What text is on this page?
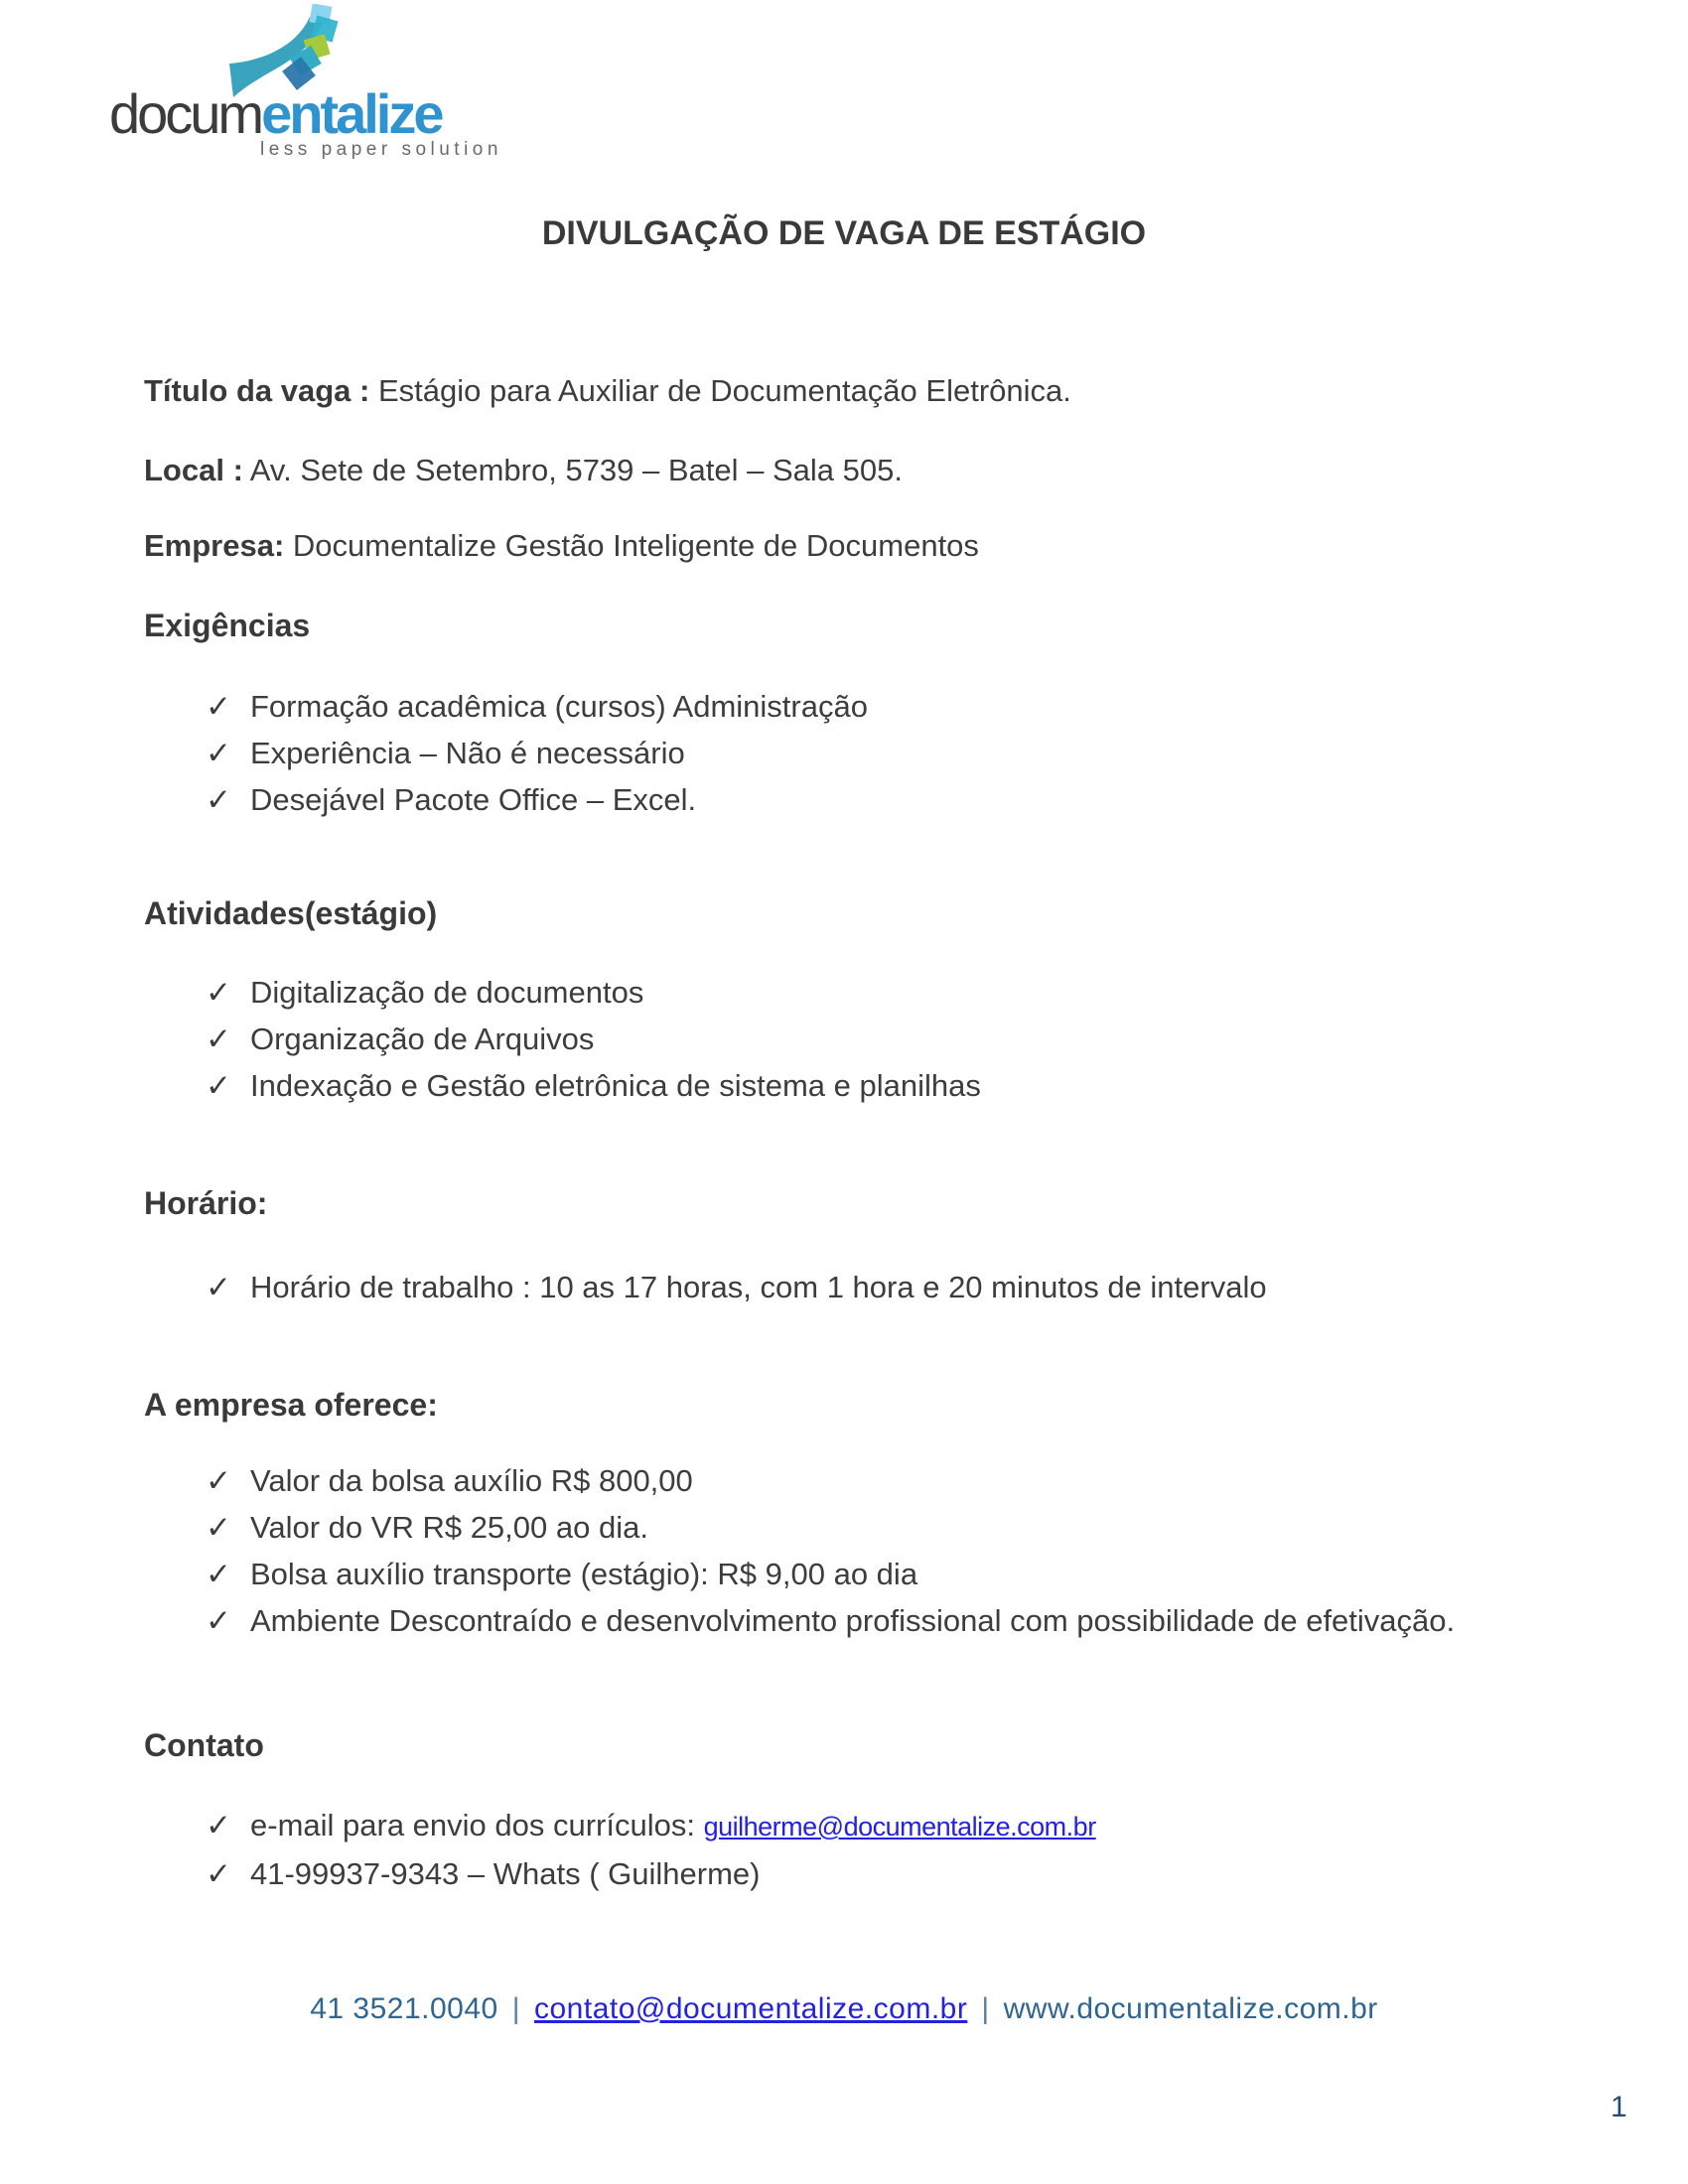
documentalize
less paper solution
DIVULGAÇÃO DE VAGA DE ESTÁGIO

Título da vaga : Estágio para Auxiliar de Documentação Eletrônica.

Local : Av. Sete de Setembro, 5739 – Batel – Sala 505.

Empresa: Documentalize Gestão Inteligente de Documentos

Exigências
✓ Formação acadêmica (cursos) Administração
✓ Experiência – Não é necessário
✓ Desejável Pacote Office – Excel.
Atividades(estágio)
✓ Digitalização de documentos
✓ Organização de Arquivos
✓ Indexação e Gestão eletrônica de sistema e planilhas
Horário:
✓ Horário de trabalho : 10 as 17 horas, com 1 hora e 20 minutos de intervalo
A empresa oferece:
✓ Valor da bolsa auxílio R$ 800,00
✓ Valor do VR R$ 25,00 ao dia.
✓ Bolsa auxílio transporte (estágio): R$ 9,00 ao dia
✓ Ambiente Descontraído e desenvolvimento profissional com possibilidade de efetivação.
Contato
✓ e-mail para envio dos currículos: guilherme@documentalize.com.br
✓ 41-99937-9343 – Whats ( Guilherme)
41 3521.0040 | contato@documentalize.com.br | www.documentalize.com.br
1
